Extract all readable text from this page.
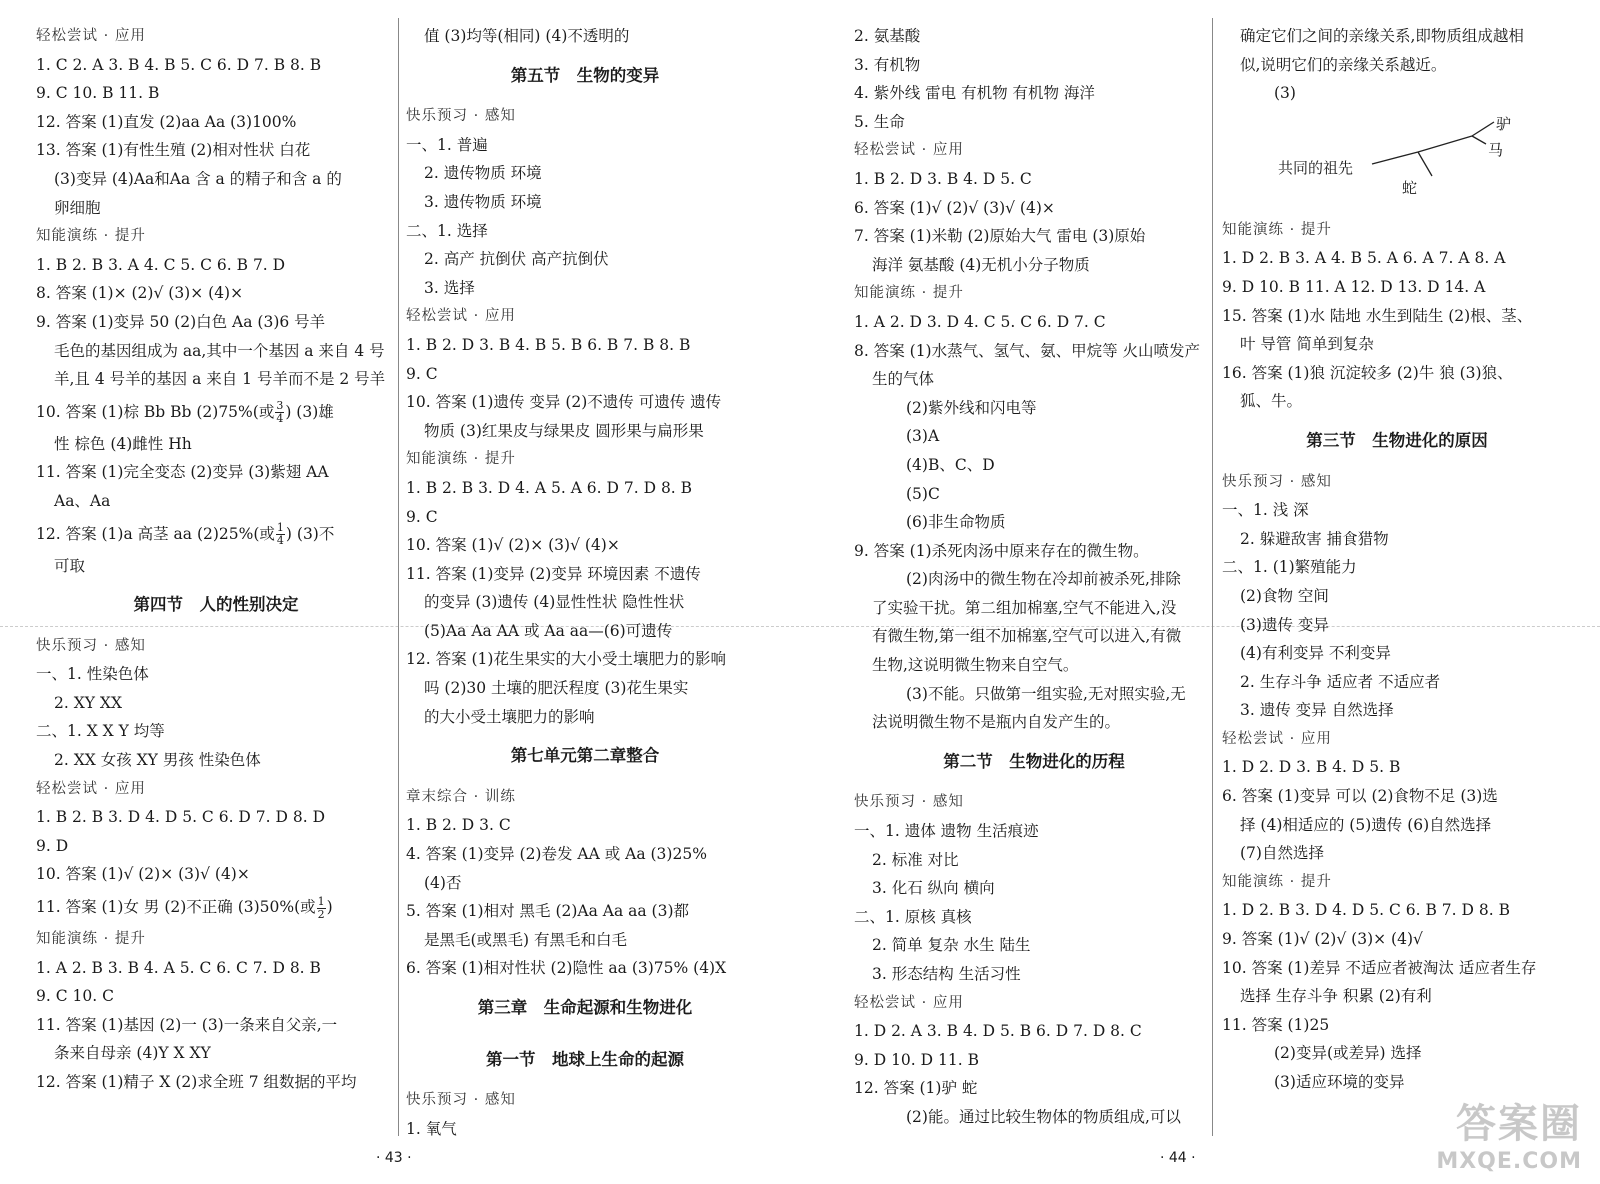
轻松尝试 · 应用
1. C 2. A 3. B 4. B 5. C 6. D 7. B 8. B
9. C 10. B 11. B
12. 答案 (1)直发 (2)aa Aa (3)100%
13. 答案 (1)有性生殖 (2)相对性状 白花
(3)变异 (4)Aa和Aa 含 a 的精子和含 a 的
卵细胞
知能演练 · 提升
1. B 2. B 3. A 4. C 5. C 6. B 7. D
8. 答案 (1)× (2)√ (3)× (4)×
9. 答案 (1)变异 50 (2)白色 Aa (3)6 号羊
毛色的基因组成为 aa,其中一个基因 a 来自 4 号
羊,且 4 号羊的基因 a 来自 1 号羊而不是 2 号羊
10. 答案 (1)棕 Bb Bb (2)75%(或 $\frac{3}{4}$ ) (3)雄
性 棕色 (4)雌性 Hh
11. 答案 (1)完全变态 (2)变异 (3)紫翅 AA
Aa、Aa
12. 答案 (1)a 高茎 aa (2)25%(或 $\frac{1}{4}$ ) (3)不
可取
第四节　人的性别决定
快乐预习 · 感知
一、1. 性染色体
2. XY XX
二、1. X X Y 均等
2. XX 女孩 XY 男孩 性染色体
轻松尝试 · 应用
1. B 2. B 3. D 4. D 5. C 6. D 7. D 8. D
9. D
10. 答案 (1)√ (2)× (3)√ (4)×
11. 答案 (1)女 男 (2)不正确 (3)50%(或 $\frac{1}{2}$ )
知能演练 · 提升
1. A 2. B 3. B 4. A 5. C 6. C 7. D 8. B
9. C 10. C
11. 答案 (1)基因 (2)一 (3)一条来自父亲,一
条来自母亲 (4)Y X XY
12. 答案 (1)精子 X (2)求全班 7 组数据的平均
值 (3)均等(相同) (4)不透明的
第五节　生物的变异
快乐预习 · 感知
一、1. 普遍
2. 遗传物质 环境
3. 遗传物质 环境
二、1. 选择
2. 高产 抗倒伏 高产抗倒伏
3. 选择
轻松尝试 · 应用
1. B 2. D 3. B 4. B 5. B 6. B 7. B 8. B
9. C
10. 答案 (1)遗传 变异 (2)不遗传 可遗传 遗传
物质 (3)红果皮与绿果皮 圆形果与扁形果
知能演练 · 提升
1. B 2. B 3. D 4. A 5. A 6. D 7. D 8. B
9. C
10. 答案 (1)√ (2)× (3)√ (4)×
11. 答案 (1)变异 (2)变异 环境因素 不遗传
的变异 (3)遗传 (4)显性性状 隐性性状
(5)Aa Aa AA 或 Aa aa—(6)可遗传
12. 答案 (1)花生果实的大小受土壤肥力的影响
吗 (2)30 土壤的肥沃程度 (3)花生果实
的大小受土壤肥力的影响
第七单元第二章整合
章末综合 · 训练
1. B 2. D 3. C
4. 答案 (1)变异 (2)卷发 AA 或 Aa (3)25%
(4)否
5. 答案 (1)相对 黑毛 (2)Aa Aa aa (3)都
是黑毛(或黑毛) 有黑毛和白毛
6. 答案 (1)相对性状 (2)隐性 aa (3)75% (4)X
第三章　生命起源和生物进化
第一节　地球上生命的起源
快乐预习 · 感知
1. 氧气
2. 氨基酸
3. 有机物
4. 紫外线 雷电 有机物 有机物 海洋
5. 生命
轻松尝试 · 应用
1. B 2. D 3. B 4. D 5. C
6. 答案 (1)√ (2)√ (3)√ (4)×
7. 答案 (1)米勒 (2)原始大气 雷电 (3)原始
海洋 氨基酸 (4)无机小分子物质
知能演练 · 提升
1. A 2. D 3. D 4. C 5. C 6. D 7. C
8. 答案 (1)水蒸气、氢气、氨、甲烷等 火山喷发产
生的气体
(2)紫外线和闪电等
(3)A
(4)B、C、D
(5)C
(6)非生命物质
9. 答案 (1)杀死肉汤中原来存在的微生物。
(2)肉汤中的微生物在冷却前被杀死,排除
了实验干扰。第二组加棉塞,空气不能进入,没
有微生物,第一组不加棉塞,空气可以进入,有微
生物,这说明微生物来自空气。
(3)不能。只做第一组实验,无对照实验,无
法说明微生物不是瓶内自发产生的。
第二节　生物进化的历程
快乐预习 · 感知
一、1. 遗体 遗物 生活痕迹
2. 标准 对比
3. 化石 纵向 横向
二、1. 原核 真核
2. 简单 复杂 水生 陆生
3. 形态结构 生活习性
轻松尝试 · 应用
1. D 2. A 3. B 4. D 5. B 6. D 7. D 8. C
9. D 10. D 11. B
12. 答案 (1)驴 蛇
(2)能。通过比较生物体的物质组成,可以
确定它们之间的亲缘关系,即物质组成越相
似,说明它们的亲缘关系越近。
(3)
共同的祖先
驴
马
蛇
知能演练 · 提升
1. D 2. B 3. A 4. B 5. A 6. A 7. A 8. A
9. D 10. B 11. A 12. D 13. D 14. A
15. 答案 (1)水 陆地 水生到陆生 (2)根、茎、
叶 导管 简单到复杂
16. 答案 (1)狼 沉淀较多 (2)牛 狼 (3)狼、
狐、牛。
第三节　生物进化的原因
快乐预习 · 感知
一、1. 浅 深
2. 躲避敌害 捕食猎物
二、1. (1)繁殖能力
(2)食物 空间
(3)遗传 变异
(4)有利变异 不利变异
2. 生存斗争 适应者 不适应者
3. 遗传 变异 自然选择
轻松尝试 · 应用
1. D 2. D 3. B 4. D 5. B
6. 答案 (1)变异 可以 (2)食物不足 (3)选
择 (4)相适应的 (5)遗传 (6)自然选择
(7)自然选择
知能演练 · 提升
1. D 2. B 3. D 4. D 5. C 6. B 7. D 8. B
9. 答案 (1)√ (2)√ (3)× (4)√
10. 答案 (1)差异 不适应者被淘汰 适应者生存
选择 生存斗争 积累 (2)有利
11. 答案 (1)25
(2)变异(或差异) 选择
(3)适应环境的变异
· 43 ·	· 44 ·
答案圈
MXQE.COM
